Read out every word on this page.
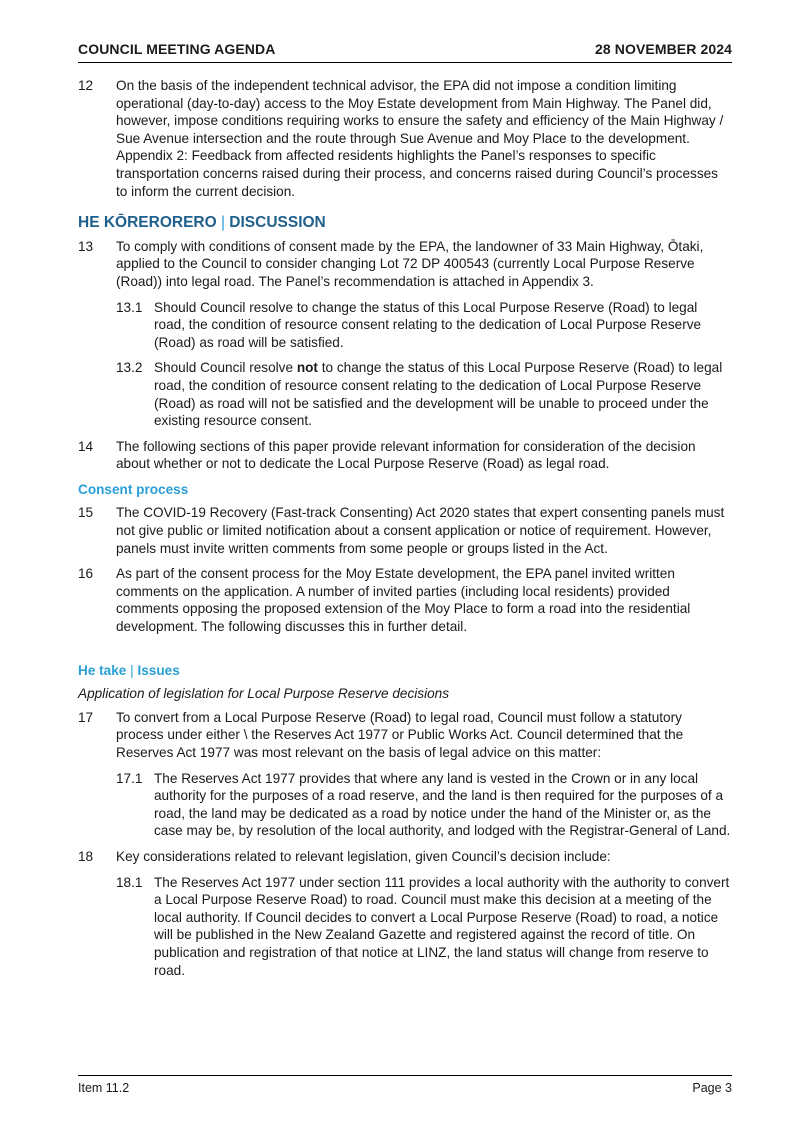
COUNCIL MEETING AGENDA	28 NOVEMBER 2024
12 On the basis of the independent technical advisor, the EPA did not impose a condition limiting operational (day-to-day) access to the Moy Estate development from Main Highway. The Panel did, however, impose conditions requiring works to ensure the safety and efficiency of the Main Highway / Sue Avenue intersection and the route through Sue Avenue and Moy Place to the development. Appendix 2: Feedback from affected residents highlights the Panel’s responses to specific transportation concerns raised during their process, and concerns raised during Council’s processes to inform the current decision.
HE KŌRERORERO | DISCUSSION
13 To comply with conditions of consent made by the EPA, the landowner of 33 Main Highway, Ōtaki, applied to the Council to consider changing Lot 72 DP 400543 (currently Local Purpose Reserve (Road)) into legal road. The Panel’s recommendation is attached in Appendix 3.
13.1 Should Council resolve to change the status of this Local Purpose Reserve (Road) to legal road, the condition of resource consent relating to the dedication of Local Purpose Reserve (Road) as road will be satisfied.
13.2 Should Council resolve not to change the status of this Local Purpose Reserve (Road) to legal road, the condition of resource consent relating to the dedication of Local Purpose Reserve (Road) as road will not be satisfied and the development will be unable to proceed under the existing resource consent.
14 The following sections of this paper provide relevant information for consideration of the decision about whether or not to dedicate the Local Purpose Reserve (Road) as legal road.
Consent process
15 The COVID-19 Recovery (Fast-track Consenting) Act 2020 states that expert consenting panels must not give public or limited notification about a consent application or notice of requirement. However, panels must invite written comments from some people or groups listed in the Act.
16 As part of the consent process for the Moy Estate development, the EPA panel invited written comments on the application. A number of invited parties (including local residents) provided comments opposing the proposed extension of the Moy Place to form a road into the residential development. The following discusses this in further detail.
He take | Issues
Application of legislation for Local Purpose Reserve decisions
17 To convert from a Local Purpose Reserve (Road) to legal road, Council must follow a statutory process under either \ the Reserves Act 1977 or Public Works Act. Council determined that the Reserves Act 1977 was most relevant on the basis of legal advice on this matter:
17.1 The Reserves Act 1977 provides that where any land is vested in the Crown or in any local authority for the purposes of a road reserve, and the land is then required for the purposes of a road, the land may be dedicated as a road by notice under the hand of the Minister or, as the case may be, by resolution of the local authority, and lodged with the Registrar-General of Land.
18 Key considerations related to relevant legislation, given Council’s decision include:
18.1 The Reserves Act 1977 under section 111 provides a local authority with the authority to convert a Local Purpose Reserve Road) to road. Council must make this decision at a meeting of the local authority. If Council decides to convert a Local Purpose Reserve (Road) to road, a notice will be published in the New Zealand Gazette and registered against the record of title. On publication and registration of that notice at LINZ, the land status will change from reserve to road.
Item 11.2	Page 3
